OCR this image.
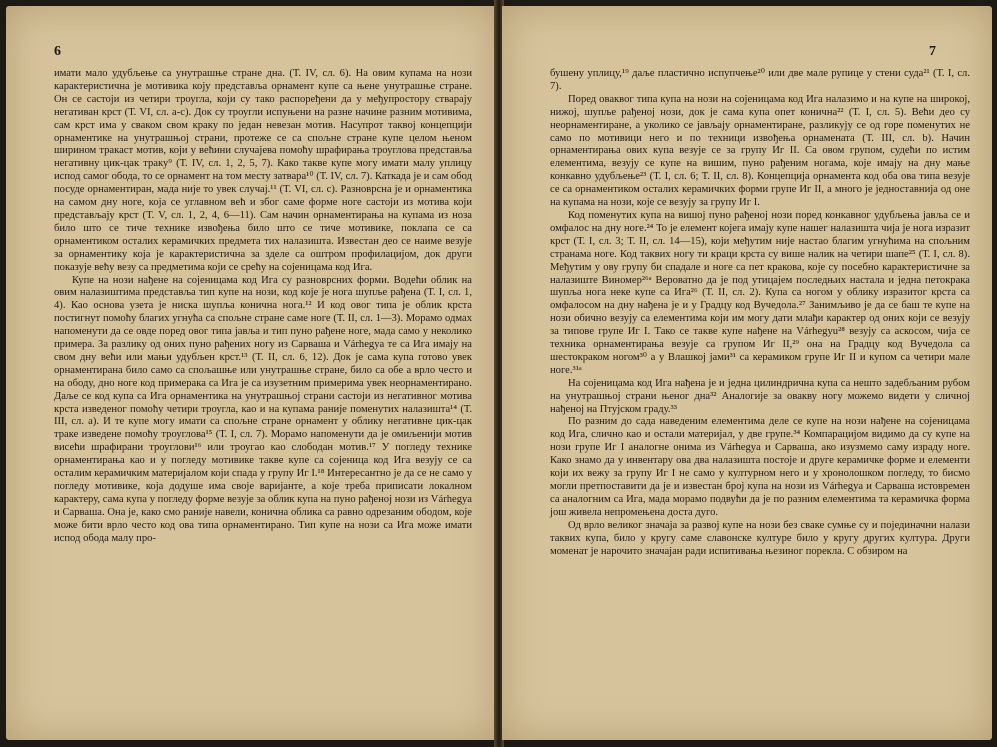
6

имати мало удубљење са унутрашње стране дна. (Т. IV, сл. 6). На овим купама на нози карактеристична је мотивика коју представља орнамент купе са њене унутрашње стране. Он се састоји из четири троугла, који су тако распоређени да у међупростору стварају негативан крст (Т. VI, сл. а-с). Док су троугли испуњени на разне начине разним мотивима, сам крст има у сваком свом краку по један невезан мотив. Насупрот таквој концепцији орнаментике на унутрашњој страни, протеже се са спољне стране купе целом њеном ширином тракаст мотив, који у већини случајева помоћу шрафирања троуглова представља негативну цик-цак траку⁹ (Т. IV, сл. 1, 2, 5, 7). Како такве купе могу имати малу уплицу испод самог обода, то се орнамент на том месту затвара¹⁰ (Т. IV, сл. 7). Каткада је и сам обод посуде орнаментиран, мада није то увек случај.¹¹ (Т. VI, сл. с). Разноврсна је и орнаментика на самом дну ноге, која се углавном већ и због саме форме ноге састоји из мотива који представљају крст (Т. V, сл. 1, 2, 4, 6—11). Сам начин орнаментирања на купама из ноза било што се тиче технике извођења било што се тиче мотивике, поклапа се са орнаментиком осталих керамичких предмета тих налазишта. Известан део се наиме везује за орнаментику која је карактеристична за зделе са оштром профилацијом, док други показује већу везу са предметима који се срећу на сојеницама код Ига.

Купе на нози нађене на сојеницама код Ига су разноврсних форми. Водећи облик на овим налазиштима представља тип купе на нози, код које је нога шупље рађена (Т. I, сл. 1, 4). Као основа узета је ниска шупља конична нога.¹² И код овог типа је облик крста постигнут помоћу благих угнућа са спољне стране саме ноге (Т. II, сл. 1—3). Морамо одмах напоменути да се овде поред овог типа јавља и тип пуно рађене ноге, мада само у неколико примера. За разлику од оних пуно рађених ногу из Сарваша и Várhegya те са Ига имају на свом дну већи или мањи удубљен крст.¹³ (Т. II, сл. 6, 12). Док је сама купа готово увек орнаментирана било само са спољашње или унутрашње стране, било са обе а врло често и на ободу, дно ноге код примерака са Ига је са изузетним примерима увек неорнаментирано. Даље се код купа са Ига орнаментика на унутрашњој страни састоји из негативног мотива крста изведеног помоћу четири троугла, као и на купама раније поменутих налазишта¹⁴ (Т. III, сл. а). И те купе могу имати са спољне стране орнамент у облику негативне цик-цак траке изведене помоћу троуглова¹⁵ (Т. I, сл. 7). Морамо напоменути да је омиљенији мотив висећи шрафирани троуглови¹⁶ или троугао као слободан мотив.¹⁷ У погледу технике орнаментирања као и у погледу мотивике такве купе са сојеница код Ига везују се са осталим керамичким материјалом који спада у групу Иг I.¹⁸ Интересантно је да се не само у погледу мотивике, која додуше има своје варијанте, а које треба приписати локалном карактеру, сама купа у погледу форме везује за облик купа на пуно рађеној нози из Várhegya и Сарваша. Она је, како смо раније навели, конична облика са равно одрезаним ободом, које може бити врло често код ова типа орнаментирано. Тип купе на нози са Ига може имати испод обода малу про-

7

бушену уплицу,¹⁹ даље пластично испупчење²⁰ или две мале рупице у стени суда²¹ (Т. I, сл. 7).

Поред оваквог типа купа на нози на сојеницама код Ига налазимо и на купе на широкој, нижој, шупље рађеној нози, док је сама купа опет конична²² (Т. I, сл. 5). Већи део су неорнаментиране, а уколико се јављају орнаментиране, разликују се од горе поменутих не само по мотивици него и по техници извођења орнамената (Т. III, сл. b). Начин орнаментирања ових купа везује се за групу Иг II. Са овом групом, судећи по истим елементима, везују се купе на вишим, пуно рађеним ногама, које имају на дну мање конкавно удубљење²³ (Т. I, сл. 6; Т. II, сл. 8). Концепција орнамента код оба ова типа везује се са орнаментиком осталих керамичких форми групе Иг II, а много је једноставнија од оне на купама на нози, које се везују за групу Иг I.

Код поменутих купа на вишој пуно рађеној нози поред конкавног удубљења јавља се и омфалос на дну ноге.²⁴ То је елемент којега имају купе нашег налазишта чија је нога изразит крст (Т. I, сл. 3; Т. II, сл. 14—15), који међутим није настао благим угнућима на спољним странама ноге. Код таквих ногу ти краци крста су више налик на четири шапе²⁵ (Т. I, сл. 8). Међутим у ову групу би спадале и ноге са пет кракова, које су посебно карактеристичне за налазиште Виномер²⁶ᵃ Вероватно да је под утицајем последњих настала и једна петокрака шупља нога неке купе са Ига²⁶ (Т. II, сл. 2). Купа са ногом у облику изразитог крста са омфалосом на дну нађена је и у Градцу код Вучедола.²⁷ Занимљиво је да се баш те купе на нози обично везују са елементима који им могу дати млађи карактер од оних који се везују за типове групе Иг I. Тако се такве купе нађене на Várhegyu²⁸ везују са аскосом, чија се техника орнаментирања везује са групом Иг II,²⁹ она на Градцу код Вучедола са шестокраком ногом³⁰ а у Влашкој јами³¹ са керамиком групе Иг II и купом са четири мале ноге.³¹ᵃ

На сојеницама код Ига нађена је и једна цилиндрична купа са нешто задебљаним рубом на унутрашњој страни њеног дна³² Аналогије за овакву ногу можемо видети у сличној нађеној на Птујском граду.³³

По разним до сада наведеним елементима деле се купе на нози нађене на сојеницама код Ига, слично као и остали материјал, у две групе.³⁴ Компарацијом видимо да су купе на нози групе Иг I аналогне онима из Várhegya и Сарваша, ако изузмемо саму израду ноге. Како знамо да у инвентару ова два налазишта постоје и друге керамичке форме и елементи који их вежу за групу Иг I не само у културном него и у хронолошком погледу, то бисмо могли претпоставити да је и известан број купа на нози из Várhegya и Сарваша истовремен са аналогним са Ига, мада морамо подвући да је по разним елементима та керамичка форма још живела непромењена доста дуго.

Од врло великог значаја за развој купе на нози без сваке сумње су и појединачни налази таквих купа, било у кругу саме славонске културе било у кругу других култура. Други моменат је нарочито значајан ради испитивања њезиног порекла. С обзиром на
